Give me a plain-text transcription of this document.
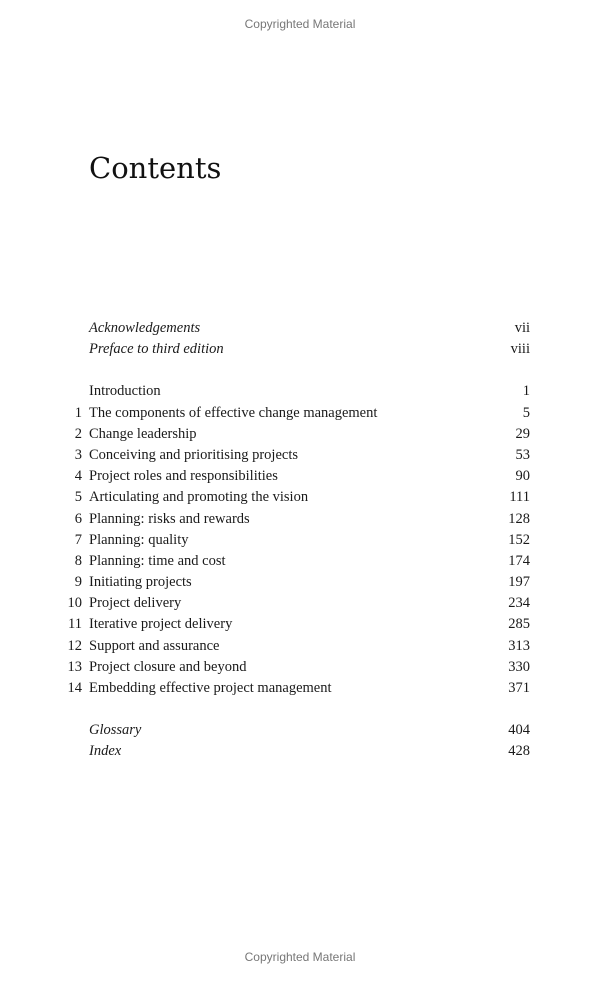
Copyrighted Material
Contents
Acknowledgements	vii
Preface to third edition	viii
Introduction	1
1 The components of effective change management	5
2 Change leadership	29
3 Conceiving and prioritising projects	53
4 Project roles and responsibilities	90
5 Articulating and promoting the vision	111
6 Planning: risks and rewards	128
7 Planning: quality	152
8 Planning: time and cost	174
9 Initiating projects	197
10 Project delivery	234
11 Iterative project delivery	285
12 Support and assurance	313
13 Project closure and beyond	330
14 Embedding effective project management	371
Glossary	404
Index	428
Copyrighted Material
